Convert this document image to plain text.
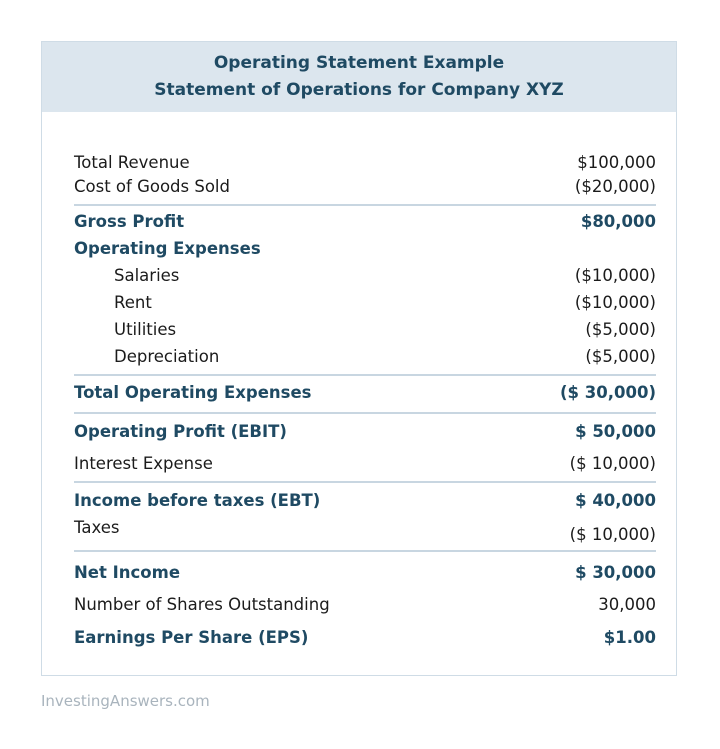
Operating Statement Example
Statement of Operations for Company XYZ
Total Revenue	$100,000
Cost of Goods Sold	($20,000)
Gross Profit	$80,000
Operating Expenses
Salaries	($10,000)
Rent	($10,000)
Utilities	($5,000)
Depreciation	($5,000)
Total Operating Expenses	($ 30,000)
Operating Profit (EBIT)	$ 50,000
Interest Expense	($ 10,000)
Income before taxes (EBT)	$ 40,000
Taxes	($ 10,000)
Net Income	$ 30,000
Number of Shares Outstanding	30,000
Earnings Per Share (EPS)	$1.00
InvestingAnswers.com
